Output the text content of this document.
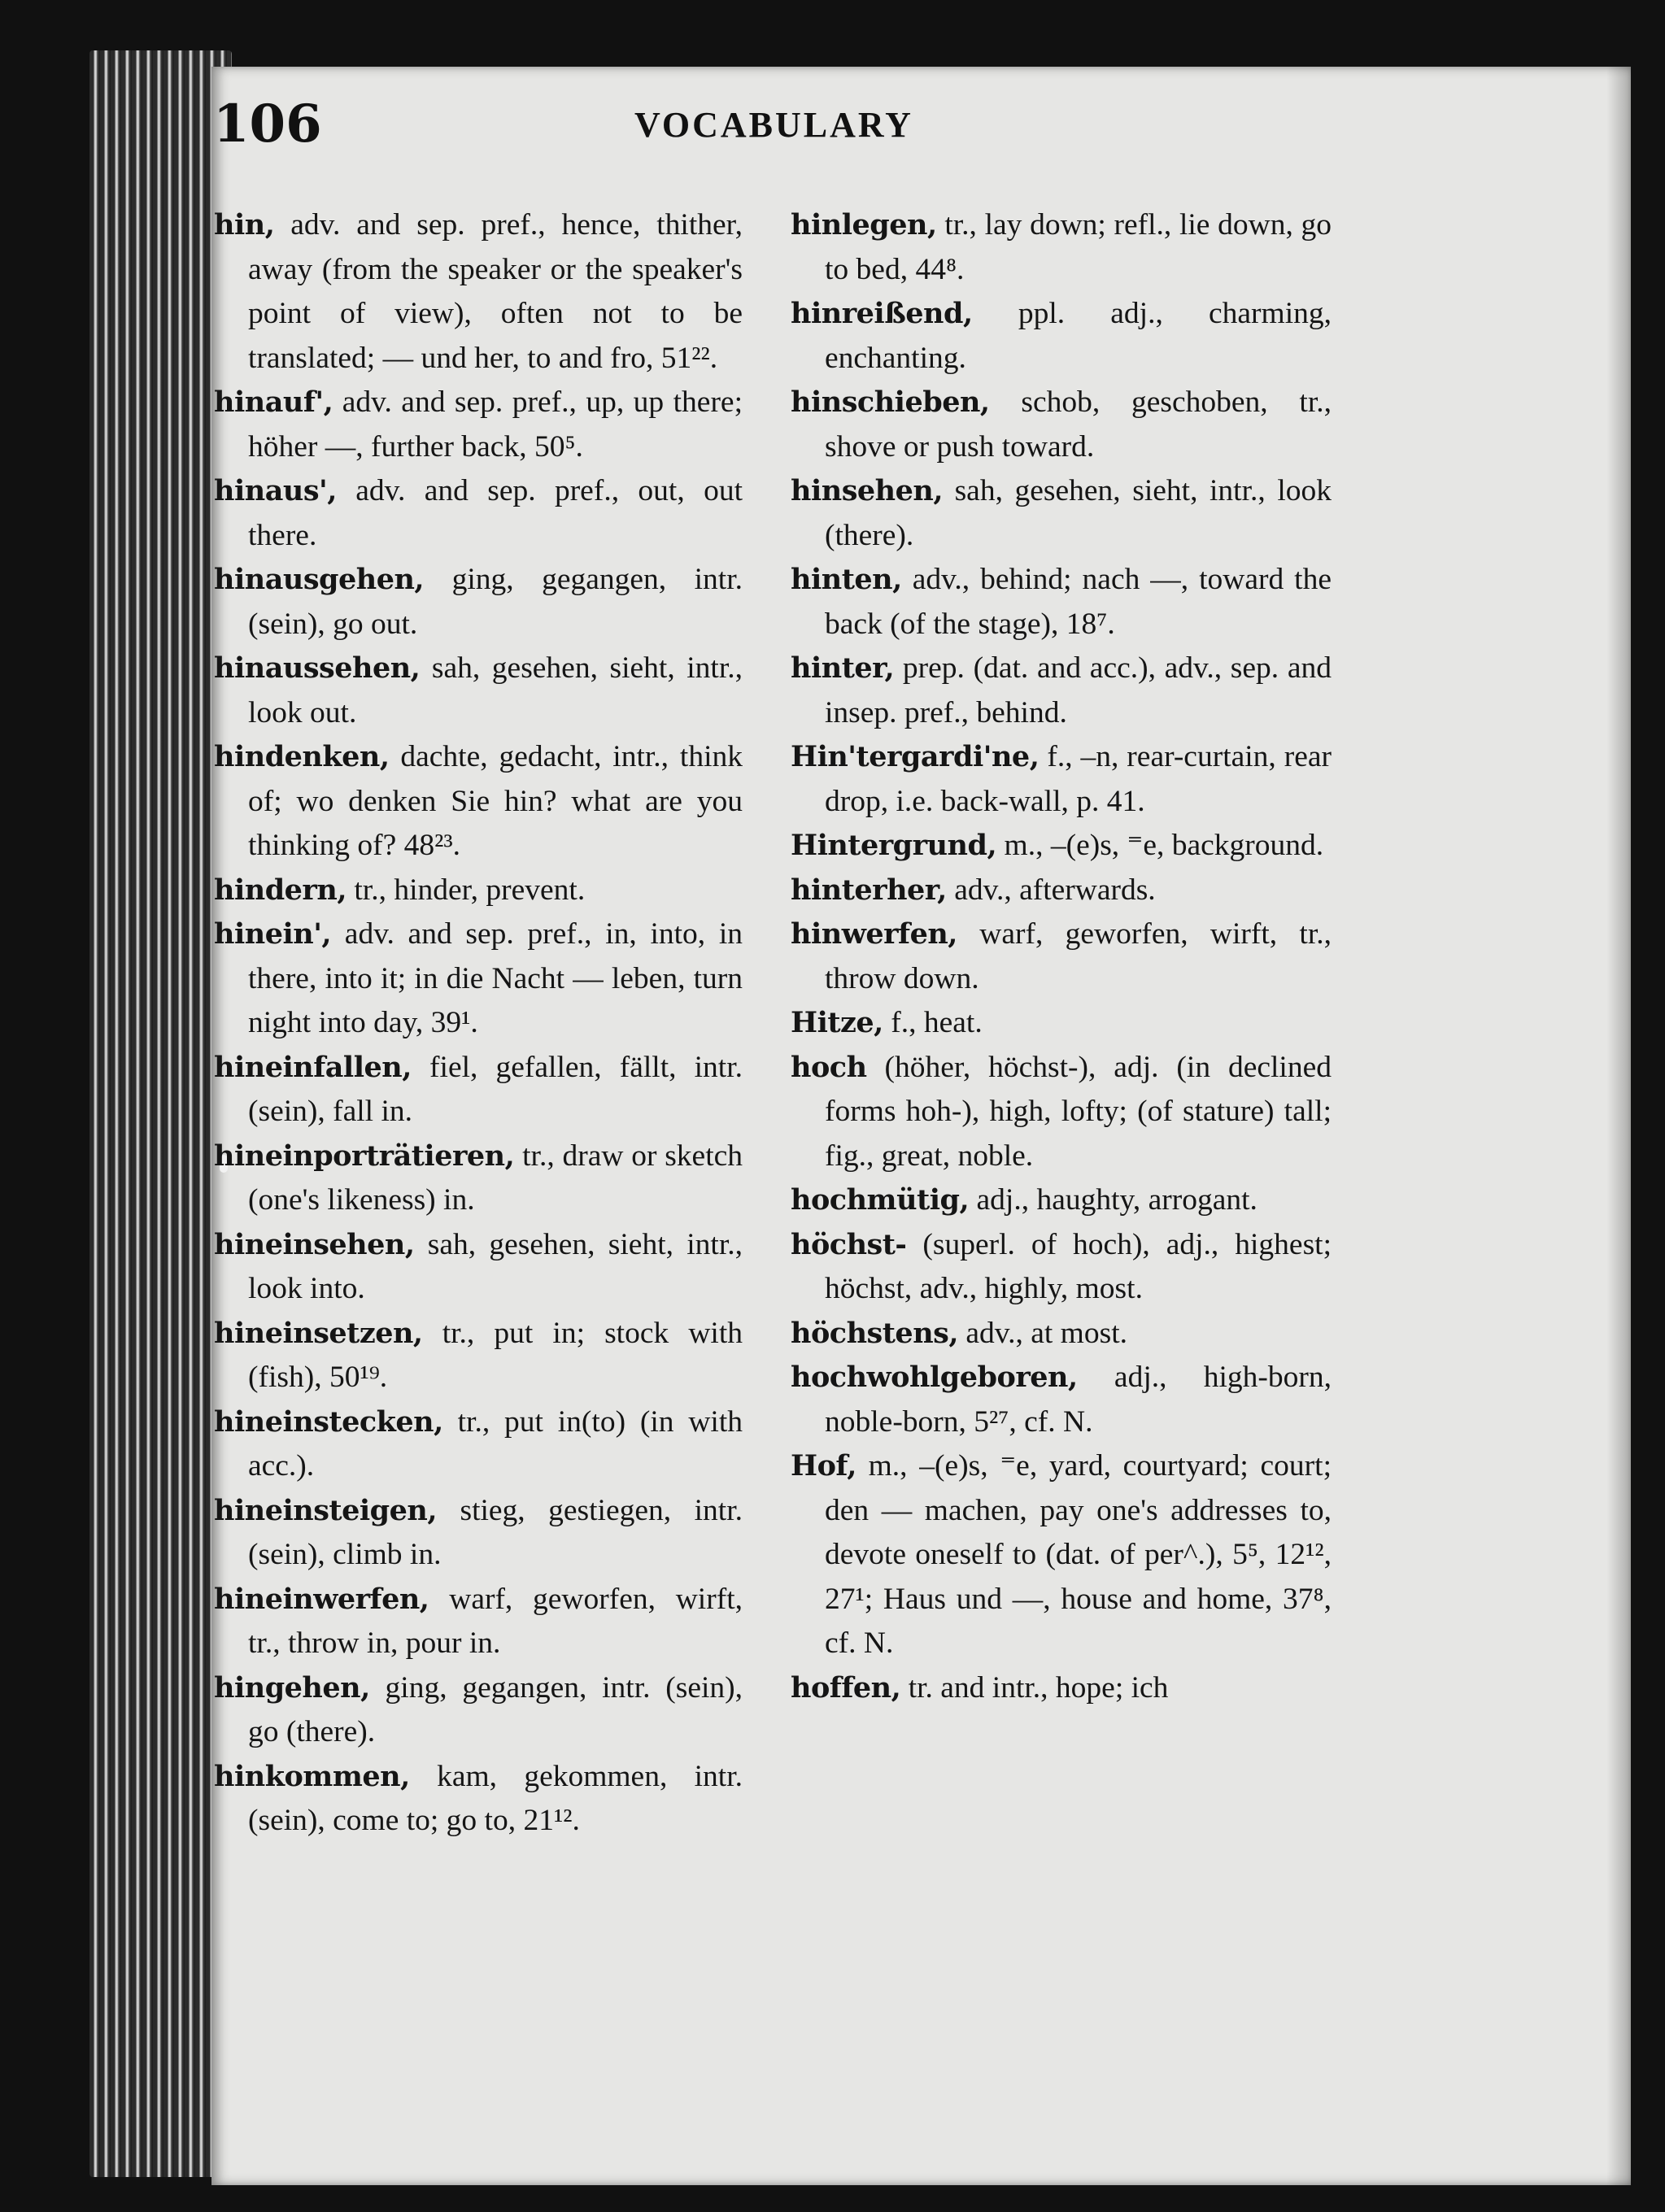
106	VOCABULARY

hin, adv. and sep. pref., hence, thither, away (from the speaker or the speaker's point of view), often not to be translated; — und her, to and fro, 51²².

hinauf', adv. and sep. pref., up, up there; höher —, further back, 50⁵.

hinaus', adv. and sep. pref., out, out there.

hinausgehen, ging, gegangen, intr. (sein), go out.

hinaussehen, sah, gesehen, sieht, intr., look out.

hindenken, dachte, gedacht, intr., think of; wo denken Sie hin? what are you thinking of? 48²³.

hindern, tr., hinder, prevent.

hinein', adv. and sep. pref., in, into, in there, into it; in die Nacht — leben, turn night into day, 39¹.

hineinfallen, fiel, gefallen, fällt, intr. (sein), fall in.

hineinporträtieren, tr., draw or sketch (one's likeness) in.

hineinsehen, sah, gesehen, sieht, intr., look into.

hineinsetzen, tr., put in; stock with (fish), 50¹⁹.

hineinstecken, tr., put in(to) (in with acc.).

hineinsteigen, stieg, gestiegen, intr. (sein), climb in.

hineinwerfen, warf, geworfen, wirft, tr., throw in, pour in.

hingehen, ging, gegangen, intr. (sein), go (there).

hinkommen, kam, gekommen, intr. (sein), come to; go to, 21¹².

hinlegen, tr., lay down; refl., lie down, go to bed, 44⁸.

hinreißend, ppl. adj., charming, enchanting.

hinschieben, schob, geschoben, tr., shove or push toward.

hinsehen, sah, gesehen, sieht, intr., look (there).

hinten, adv., behind; nach —, toward the back (of the stage), 18⁷.

hinter, prep. (dat. and acc.), adv., sep. and insep. pref., behind.

Hin'tergardi'ne, f., –n, rear-curtain, rear drop, i.e. back-wall, p. 41.

Hintergrund, m., –(e)s, ⁼e, background.

hinterher, adv., afterwards.

hinwerfen, warf, geworfen, wirft, tr., throw down.

Hitze, f., heat.

hoch (höher, höchst-), adj. (in declined forms hoh-), high, lofty; (of stature) tall; fig., great, noble.

hochmütig, adj., haughty, arrogant.

höchst- (superl. of hoch), adj., highest; höchst, adv., highly, most.

höchstens, adv., at most.

hochwohlgeboren, adj., high-born, noble-born, 5²⁷, cf. N.

Hof, m., –(e)s, ⁼e, yard, courtyard; court; den — machen, pay one's addresses to, devote oneself to (dat. of per^.), 5⁵, 12¹², 27¹; Haus und —, house and home, 37⁸, cf. N.

hoffen, tr. and intr., hope; ich
